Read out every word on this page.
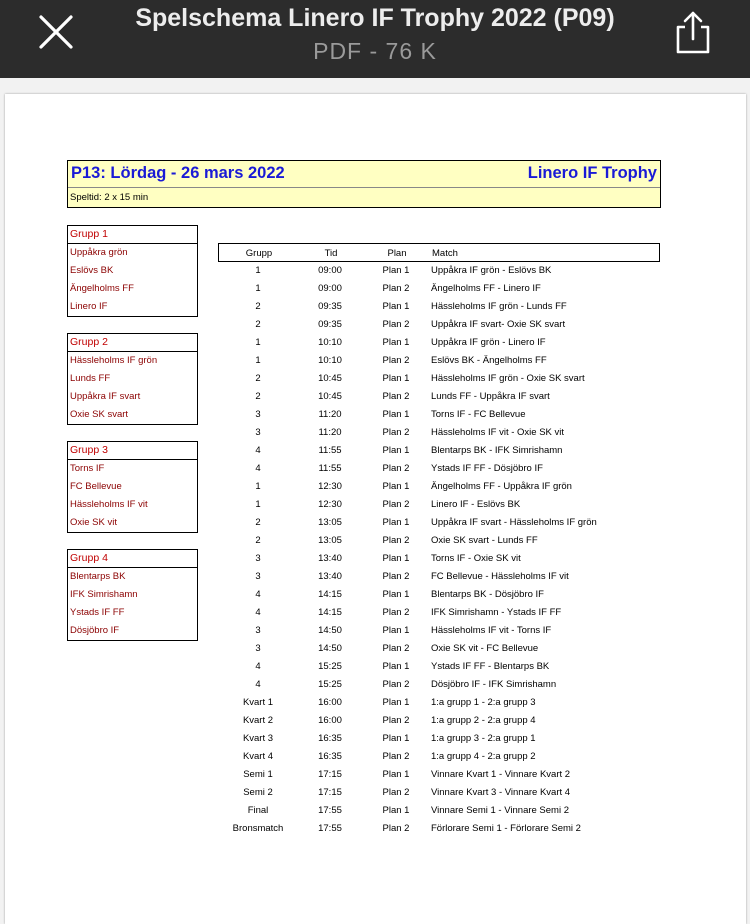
Spelschema Linero IF Trophy 2022 (P09)
PDF - 76 K
P13: Lördag - 26 mars 2022	Linero IF Trophy
Speltid: 2 x 15 min
Grupp 1
Uppåkra grön
Eslövs BK
Ängelholms FF
Linero IF
Grupp 2
Hässleholms IF grön
Lunds FF
Uppåkra IF svart
Oxie SK svart
Grupp 3
Torns IF
FC Bellevue
Hässleholms IF vit
Oxie SK vit
Grupp 4
Blentarps BK
IFK Simrishamn
Ystads IF FF
Dösjöbro IF
Grupp	Tid	Plan	Match
1	09:00	Plan 1	Uppåkra IF grön - Eslövs BK
1	09:00	Plan 2	Ängelholms FF - Linero IF
2	09:35	Plan 1	Hässleholms IF grön - Lunds FF
2	09:35	Plan 2	Uppåkra IF svart- Oxie SK svart
1	10:10	Plan 1	Uppåkra IF grön - Linero IF
1	10:10	Plan 2	Eslövs BK - Ängelholms FF
2	10:45	Plan 1	Hässleholms IF grön - Oxie SK svart
2	10:45	Plan 2	Lunds FF - Uppåkra IF svart
3	11:20	Plan 1	Torns IF - FC Bellevue
3	11:20	Plan 2	Hässleholms IF vit - Oxie SK vit
4	11:55	Plan 1	Blentarps BK - IFK Simrishamn
4	11:55	Plan 2	Ystads IF FF - Dösjöbro IF
1	12:30	Plan 1	Ängelholms FF - Uppåkra IF grön
1	12:30	Plan 2	Linero IF - Eslövs BK
2	13:05	Plan 1	Uppåkra IF svart - Hässleholms IF grön
2	13:05	Plan 2	Oxie SK svart - Lunds FF
3	13:40	Plan 1	Torns IF - Oxie SK vit
3	13:40	Plan 2	FC Bellevue - Hässleholms IF vit
4	14:15	Plan 1	Blentarps BK - Dösjöbro IF
4	14:15	Plan 2	IFK Simrishamn - Ystads IF FF
3	14:50	Plan 1	Hässleholms IF vit - Torns IF
3	14:50	Plan 2	Oxie SK vit - FC Bellevue
4	15:25	Plan 1	Ystads IF FF - Blentarps BK
4	15:25	Plan 2	Dösjöbro IF - IFK Simrishamn
Kvart 1	16:00	Plan 1	1:a grupp 1 - 2:a grupp 3
Kvart 2	16:00	Plan 2	1:a grupp 2 - 2:a grupp 4
Kvart 3	16:35	Plan 1	1:a grupp 3 - 2:a grupp 1
Kvart 4	16:35	Plan 2	1:a grupp 4 - 2:a grupp 2
Semi 1	17:15	Plan 1	Vinnare Kvart 1 - Vinnare Kvart 2
Semi 2	17:15	Plan 2	Vinnare Kvart 3 - Vinnare Kvart 4
Final	17:55	Plan 1	Vinnare Semi 1 - Vinnare Semi 2
Bronsmatch	17:55	Plan 2	Förlorare Semi 1 - Förlorare Semi 2
